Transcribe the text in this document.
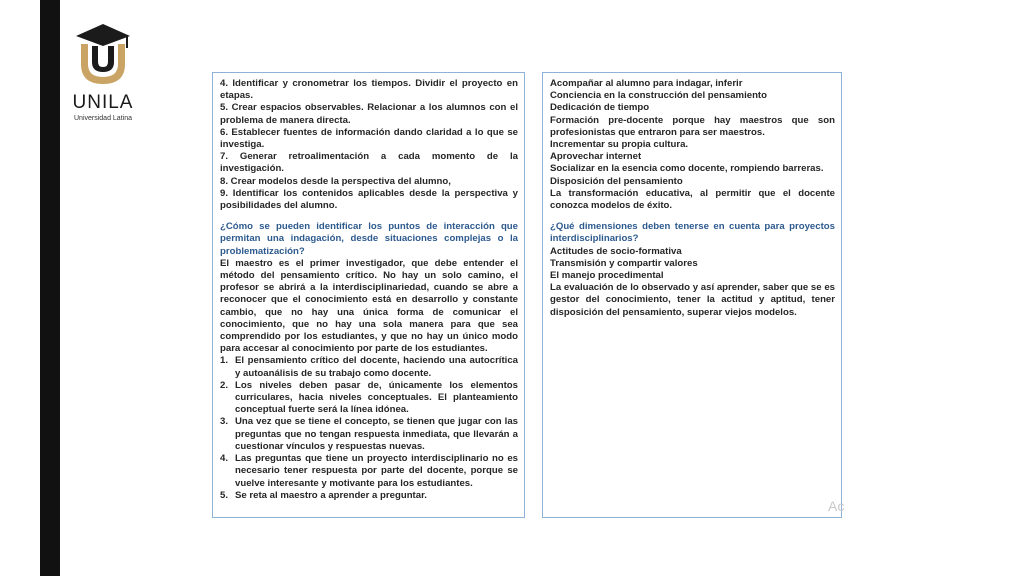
UNILA
Universidad Latina

4. Identificar y cronometrar los tiempos. Dividir el proyecto en etapas.

5. Crear espacios observables. Relacionar a los alumnos con el problema de manera directa.

6. Establecer fuentes de información dando claridad a lo que se investiga.

7. Generar retroalimentación a cada momento de la investigación.

8. Crear modelos desde la perspectiva del alumno,

9. Identificar los contenidos aplicables desde la perspectiva y posibilidades del alumno.

¿Cómo se pueden identificar los puntos de interacción que permitan una indagación, desde situaciones complejas o la problematización?

El maestro es el primer investigador, que debe entender el método del pensamiento crítico. No hay un solo camino, el profesor se abrirá a la interdisciplinariedad, cuando se abre a reconocer que el conocimiento está en desarrollo y constante cambio, que no hay una única forma de comunicar el conocimiento, que no hay una sola manera para que sea comprendido por los estudiantes, y que no hay un único modo para accesar al conocimiento por parte de los estudiantes.

1. El pensamiento crítico del docente, haciendo una autocrítica y autoanálisis de su trabajo como docente.
2. Los niveles deben pasar de, únicamente los elementos curriculares, hacia niveles conceptuales. El planteamiento conceptual fuerte será la línea idónea.
3. Una vez que se tiene el concepto, se tienen que jugar con las preguntas que no tengan respuesta inmediata, que llevarán a cuestionar vínculos y respuestas nuevas.
4. Las preguntas que tiene un proyecto interdisciplinario no es necesario tener respuesta por parte del docente, porque se vuelve interesante y motivante para los estudiantes.
5. Se reta al maestro a aprender a preguntar.

Acompañar al alumno para indagar, inferir

Conciencia en la construcción del pensamiento

Dedicación de tiempo

Formación pre-docente porque hay maestros que son profesionistas que entraron para ser maestros.

Incrementar su propia cultura.

Aprovechar internet

Socializar en la esencia como docente, rompiendo barreras.

Disposición del pensamiento

La transformación educativa, al permitir que el docente conozca modelos de éxito.

¿Qué dimensiones deben tenerse en cuenta para proyectos interdisciplinarios?

Actitudes de socio-formativa

Transmisión y compartir valores

El manejo procedimental

La evaluación de lo observado y así aprender, saber que se es gestor del conocimiento, tener la actitud y aptitud, tener disposición del pensamiento, superar viejos modelos.

Ac
